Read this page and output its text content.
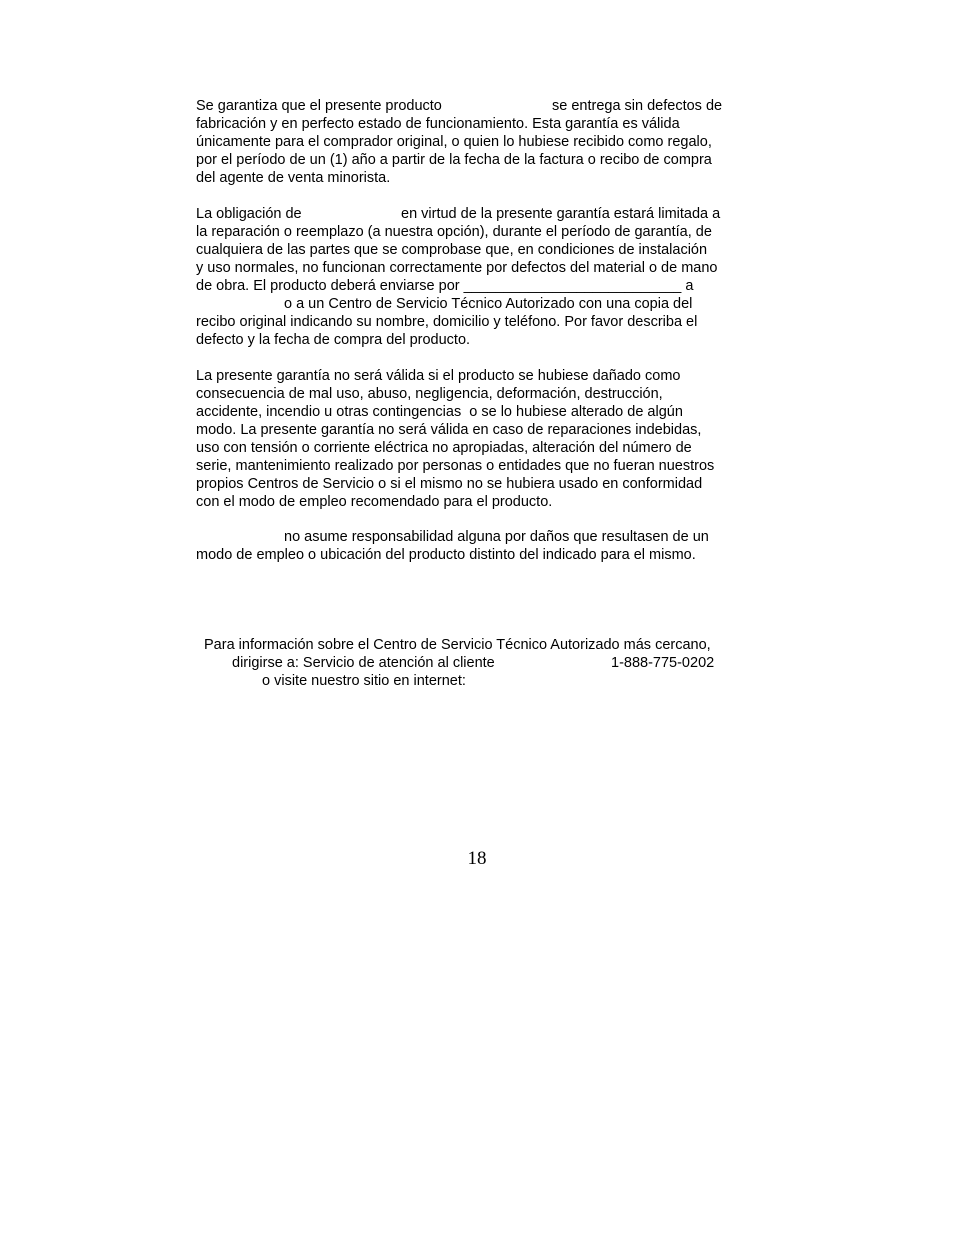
Se garantiza que el presente producto	se entrega sin defectos de
fabricación y en perfecto estado de funcionamiento. Esta garantía es válida
únicamente para el comprador original, o quien lo hubiese recibido como regalo,
por el período de un (1) año a partir de la fecha de la factura o recibo de compra
del agente de venta minorista.
La obligación de	en virtud de la presente garantía estará limitada a
la reparación o reemplazo (a nuestra opción), durante el período de garantía, de
cualquiera de las partes que se comprobase que, en condiciones de instalación
y uso normales, no funcionan correctamente por defectos del material o de mano
de obra. El producto deberá enviarse por ___________________________ a
o a un Centro de Servicio Técnico Autorizado con una copia del
recibo original indicando su nombre, domicilio y teléfono. Por favor describa el
defecto y la fecha de compra del producto.
La presente garantía no será válida si el producto se hubiese dañado como
consecuencia de mal uso, abuso, negligencia, deformación, destrucción,
accidente, incendio u otras contingencias  o se lo hubiese alterado de algún
modo. La presente garantía no será válida en caso de reparaciones indebidas,
uso con tensión o corriente eléctrica no apropiadas, alteración del número de
serie, mantenimiento realizado por personas o entidades que no fueran nuestros
propios Centros de Servicio o si el mismo no se hubiera usado en conformidad
con el modo de empleo recomendado para el producto.
no asume responsabilidad alguna por daños que resultasen de un
modo de empleo o ubicación del producto distinto del indicado para el mismo.
Para información sobre el Centro de Servicio Técnico Autorizado más cercano,
dirigirse a: Servicio de atención al cliente	1-888-775-0202
o visite nuestro sitio en internet:
18
